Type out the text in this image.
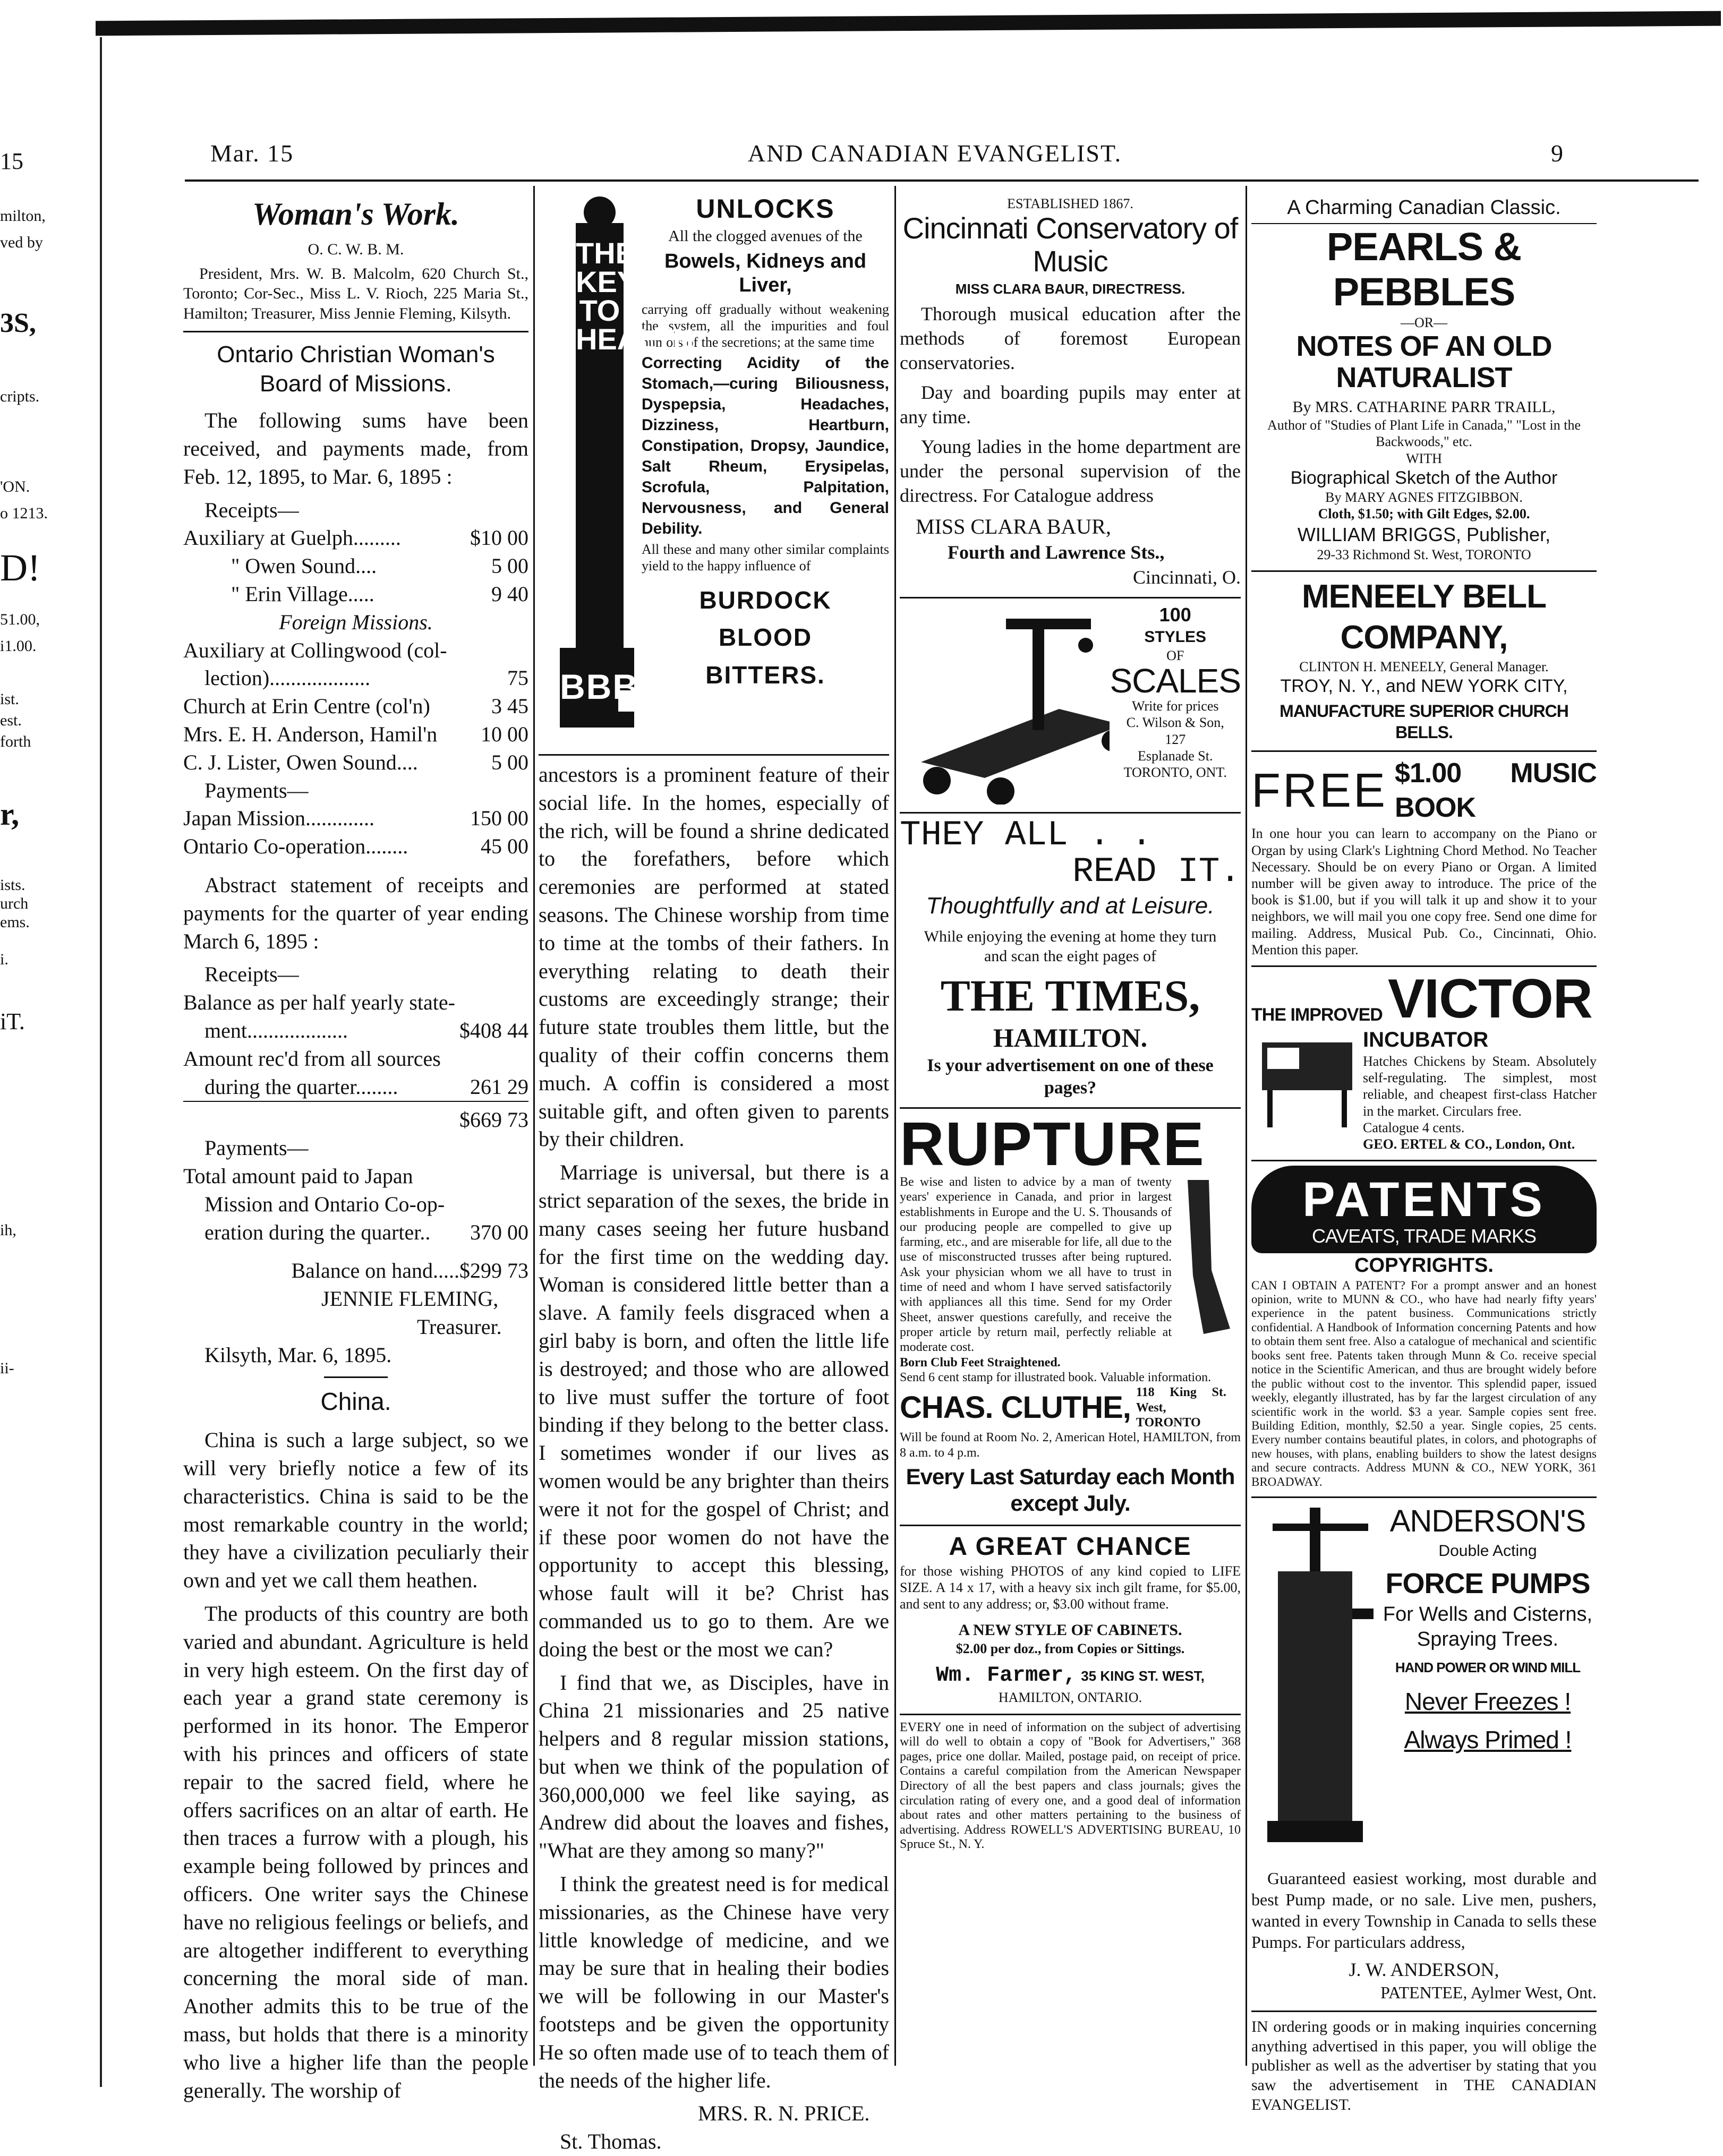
15
milton,
ved by
3S,
cripts.
'ON.
o 1213.
D!
51.00,
i1.00.
ist.
est.
forth
r,
ists.
urch
ems.
i.
iT.
ih,
ii-
Mar. 15	AND CANADIAN EVANGELIST.	9
Woman's Work.
O. C. W. B. M.
President, Mrs. W. B. Malcolm, 620 Church St., Toronto; Cor-Sec., Miss L. V. Rioch, 225 Maria St., Hamilton; Treasurer, Miss Jennie Fleming, Kilsyth.
Ontario Christian Woman's Board of Missions.

The following sums have been received, and payments made, from Feb. 12, 1895, to Mar. 6, 1895 :

Receipts—
Auxiliary at Guelph.........	$10 00
" Owen Sound....	5 00
" Erin Village.....	9 40
Foreign Missions.
Auxiliary at Collingwood (col-
lection)...................	75
Church at Erin Centre (col'n)	3 45
Mrs. E. H. Anderson, Hamil'n 10 00
C. J. Lister, Owen Sound....	5 00
Payments—
Japan Mission.............	150 00
Ontario Co-operation........	45 00

Abstract statement of receipts and payments for the quarter of year ending March 6, 1895 :

Receipts—
Balance as per half yearly state-
ment...................	$408 44
Amount rec'd from all sources
during the quarter........	261 29
$669 73
Payments—
Total amount paid to Japan
Mission and Ontario Co-op-
eration during the quarter.. 370 00
Balance on hand.....$299 73
JENNIE FLEMING,
Treasurer.
Kilsyth, Mar. 6, 1895.
China.

China is such a large subject, so we will very briefly notice a few of its characteristics. China is said to be the most remarkable country in the world; they have a civilization peculiarly their own and yet we call them heathen.

The products of this country are both varied and abundant. Agriculture is held in very high esteem. On the first day of each year a grand state ceremony is performed in its honor. The Emperor with his princes and officers of state repair to the sacred field, where he offers sacrifices on an altar of earth. He then traces a furrow with a plough, his example being followed by princes and officers. One writer says the Chinese have no religious feelings or beliefs, and are altogether indifferent to everything concerning the moral side of man. Another admits this to be true of the mass, but holds that there is a minority who live a higher life than the people generally. The worship of

THE KEY TO HEALTH
BBB
UNLOCKS
All the clogged avenues of the
Bowels, Kidneys and Liver,
carrying off gradually without weakening the system, all the impurities and foul humors of the secretions; at the same time
Correcting Acidity of the Stomach,—curing Biliousness, Dyspepsia, Headaches, Dizziness, Heartburn, Constipation, Dropsy, Jaundice, Salt Rheum, Erysipelas, Scrofula, Palpitation, Nervousness, and General Debility.
All these and many other similar complaints yield to the happy influence of
BURDOCK
BLOOD
BITTERS.

ancestors is a prominent feature of their social life. In the homes, especially of the rich, will be found a shrine dedicated to the forefathers, before which ceremonies are performed at stated seasons. The Chinese worship from time to time at the tombs of their fathers. In everything relating to death their customs are exceedingly strange; their future state troubles them little, but the quality of their coffin concerns them much. A coffin is considered a most suitable gift, and often given to parents by their children.

Marriage is universal, but there is a strict separation of the sexes, the bride in many cases seeing her future husband for the first time on the wedding day. Woman is considered little better than a slave. A family feels disgraced when a girl baby is born, and often the little life is destroyed; and those who are allowed to live must suffer the torture of foot binding if they belong to the better class. I sometimes wonder if our lives as women would be any brighter than theirs were it not for the gospel of Christ; and if these poor women do not have the opportunity to accept this blessing, whose fault will it be? Christ has commanded us to go to them. Are we doing the best or the most we can?

I find that we, as Disciples, have in China 21 missionaries and 25 native helpers and 8 regular mission stations, but when we think of the population of 360,000,000 we feel like saying, as Andrew did about the loaves and fishes, "What are they among so many?"

I think the greatest need is for medical missionaries, as the Chinese have very little knowledge of medicine, and we may be sure that in healing their bodies we will be following in our Master's footsteps and be given the opportunity He so often made use of to teach them of the needs of the higher life.

MRS. R. N. PRICE.
St. Thomas.
ESTABLISHED 1867.
Cincinnati Conservatory of Music
MISS CLARA BAUR, DIRECTRESS.

Thorough musical education after the methods of foremost European conservatories.

Day and boarding pupils may enter at any time.

Young ladies in the home department are under the personal supervision of the directress. For Catalogue address

MISS CLARA BAUR,
Fourth and Lawrence Sts.,
Cincinnati, O.
100
STYLES
OF
SCALES
Write for prices
C. Wilson & Son,
127
Esplanade St.
TORONTO, ONT.
THEY ALL . .
READ IT.
Thoughtfully and at Leisure.
While enjoying the evening at home they turn and scan the eight pages of
THE TIMES,
HAMILTON.
Is your advertisement on one of these pages?
RUPTURE
Be wise and listen to advice by a man of twenty years' experience in Canada, and prior in largest establishments in Europe and the U. S. Thousands of our producing people are compelled to give up farming, etc., and are miserable for life, all due to the use of misconstructed trusses after being ruptured. Ask your physician whom we all have to trust in time of need and whom I have served satisfactorily with appliances all this time. Send for my Order Sheet, answer questions carefully, and receive the proper article by return mail, perfectly reliable at moderate cost.
Born Club Feet Straightened.
Send 6 cent stamp for illustrated book. Valuable information.
CHAS. CLUTHE, 118 King St. West, TORONTO
Will be found at Room No. 2, American Hotel, HAMILTON, from 8 a.m. to 4 p.m.
Every Last Saturday each Month except July.
A GREAT CHANCE
for those wishing PHOTOS of any kind copied to LIFE SIZE. A 14 x 17, with a heavy six inch gilt frame, for $5.00, and sent to any address; or, $3.00 without frame.
A NEW STYLE OF CABINETS.
$2.00 per doz., from Copies or Sittings.
Wm. Farmer, 35 KING ST. WEST,
HAMILTON, ONTARIO.
EVERY one in need of information on the subject of advertising will do well to obtain a copy of "Book for Advertisers," 368 pages, price one dollar. Mailed, postage paid, on receipt of price. Contains a careful compilation from the American Newspaper Directory of all the best papers and class journals; gives the circulation rating of every one, and a good deal of information about rates and other matters pertaining to the business of advertising. Address ROWELL'S ADVERTISING BUREAU, 10 Spruce St., N. Y.
A Charming Canadian Classic.
PEARLS & PEBBLES
—OR—
NOTES OF AN OLD NATURALIST
By MRS. CATHARINE PARR TRAILL,
Author of "Studies of Plant Life in Canada," "Lost in the Backwoods," etc.
WITH
Biographical Sketch of the Author
By MARY AGNES FITZGIBBON.
Cloth, $1.50; with Gilt Edges, $2.00.
WILLIAM BRIGGS, Publisher,
29-33 Richmond St. West, TORONTO
MENEELY BELL COMPANY,
CLINTON H. MENEELY, General Manager.
TROY, N. Y., and NEW YORK CITY,
MANUFACTURE SUPERIOR CHURCH BELLS.
FREE $1.00 MUSIC BOOK
In one hour you can learn to accompany on the Piano or Organ by using Clark's Lightning Chord Method. No Teacher Necessary. Should be on every Piano or Organ. A limited number will be given away to introduce. The price of the book is $1.00, but if you will talk it up and show it to your neighbors, we will mail you one copy free. Send one dime for mailing. Address, Musical Pub. Co., Cincinnati, Ohio. Mention this paper.
THE IMPROVED VICTOR
INCUBATOR
Hatches Chickens by Steam. Absolutely self-regulating. The simplest, most reliable, and cheapest first-class Hatcher in the market. Circulars free.
Catalogue 4 cents.
GEO. ERTEL & CO., London, Ont.
PATENTS
CAVEATS, TRADE MARKS
COPYRIGHTS.
CAN I OBTAIN A PATENT? For a prompt answer and an honest opinion, write to MUNN & CO., who have had nearly fifty years' experience in the patent business. Communications strictly confidential. A Handbook of Information concerning Patents and how to obtain them sent free. Also a catalogue of mechanical and scientific books sent free. Patents taken through Munn & Co. receive special notice in the Scientific American, and thus are brought widely before the public without cost to the inventor. This splendid paper, issued weekly, elegantly illustrated, has by far the largest circulation of any scientific work in the world. $3 a year. Sample copies sent free. Building Edition, monthly, $2.50 a year. Single copies, 25 cents. Every number contains beautiful plates, in colors, and photographs of new houses, with plans, enabling builders to show the latest designs and secure contracts. Address MUNN & CO., NEW YORK, 361 BROADWAY.
ANDERSON'S
Double Acting
FORCE PUMPS
For Wells and Cisterns, Spraying Trees.
HAND POWER OR WIND MILL
Never Freezes !
Always Primed !

Guaranteed easiest working, most durable and best Pump made, or no sale. Live men, pushers, wanted in every Township in Canada to sells these Pumps. For particulars address,

J. W. ANDERSON,
PATENTEE, Aylmer West, Ont.
IN ordering goods or in making inquiries concerning anything advertised in this paper, you will oblige the publisher as well as the advertiser by stating that you saw the advertisement in THE CANADIAN EVANGELIST.
